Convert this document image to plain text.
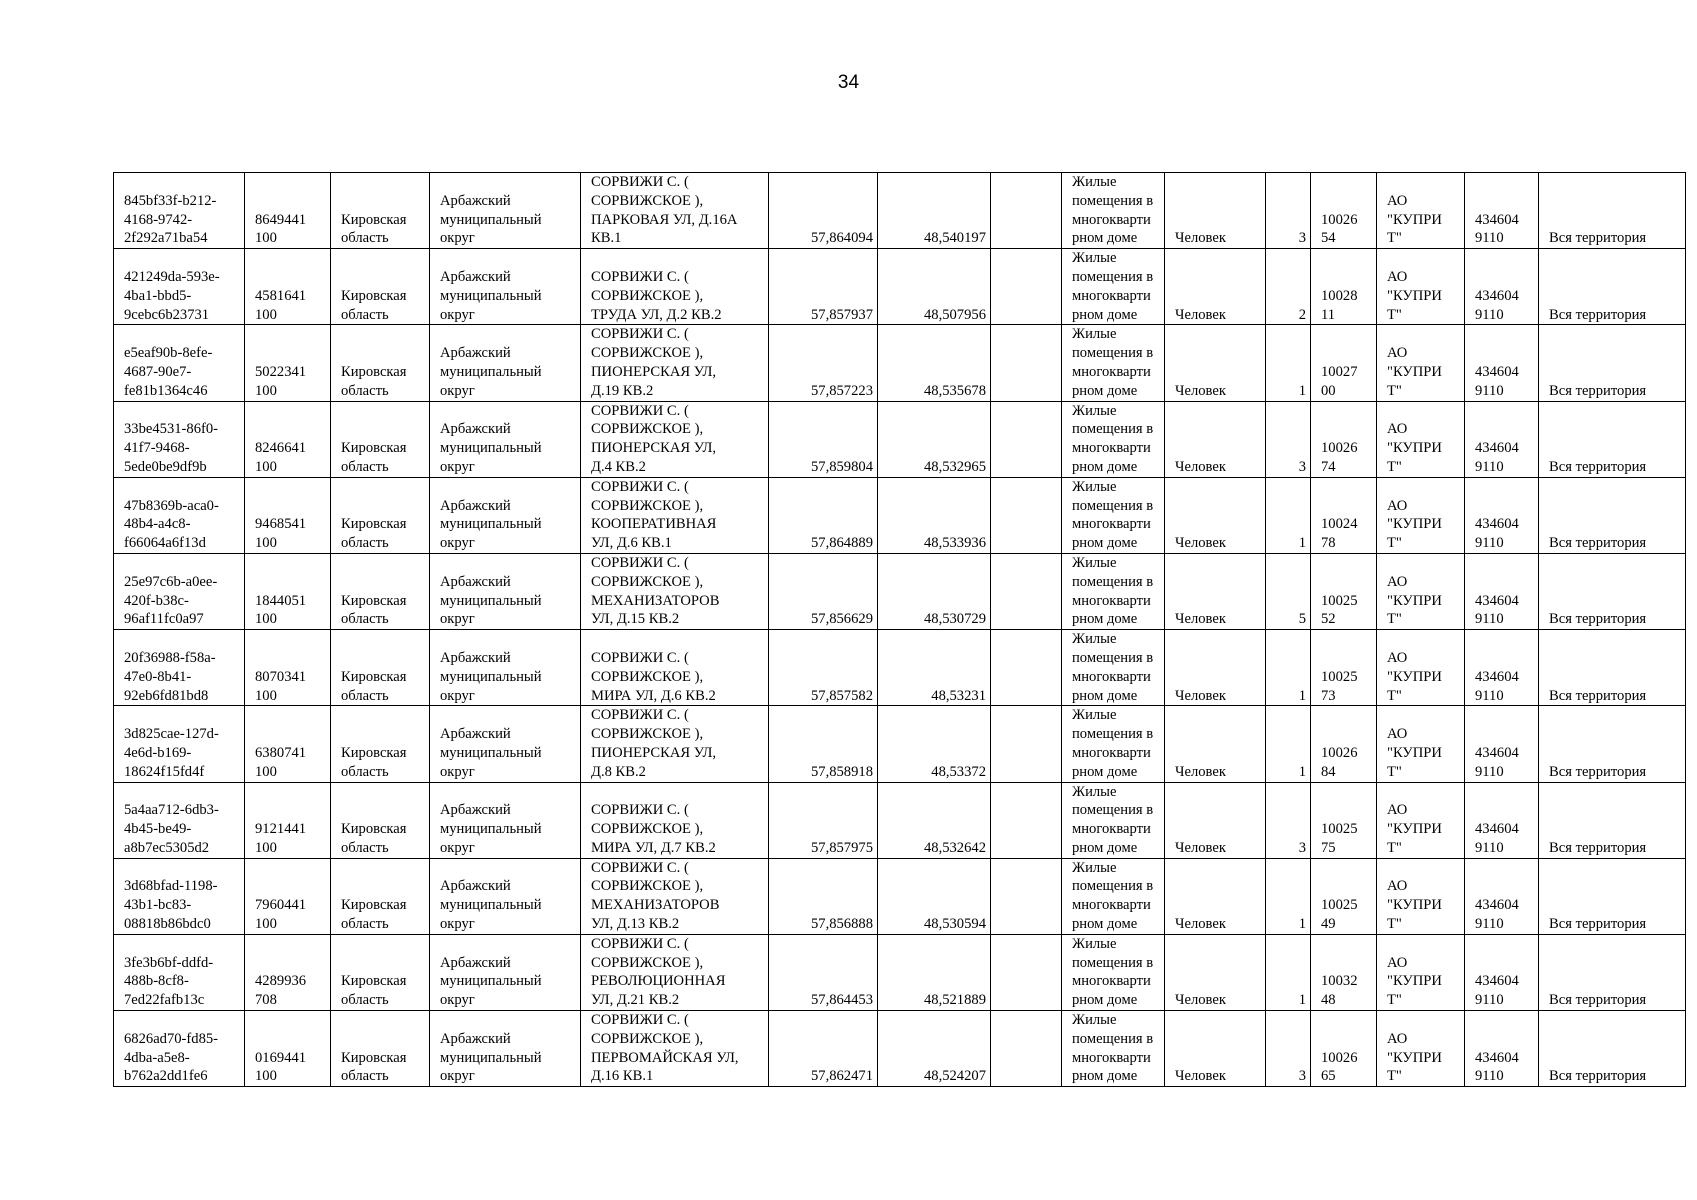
34
845bf33f-b212-
4168-9742-
2f292a71ba54	8649441
100	Кировская
область	Арбажский
муниципальный
округ	СОРВИЖИ С. (
СОРВИЖСКОЕ ),
ПАРКОВАЯ УЛ, Д.16А
КВ.1	57,864094	48,540197		Жилые
помещения в
многокварти
рном доме	Человек	3	10026
54	АО
"КУПРИ
Т"	434604
9110	Вся территория
421249da-593e-
4ba1-bbd5-
9cebc6b23731	4581641
100	Кировская
область	Арбажский
муниципальный
округ	СОРВИЖИ С. (
СОРВИЖСКОЕ ),
ТРУДА УЛ, Д.2 КВ.2	57,857937	48,507956		Жилые
помещения в
многокварти
рном доме	Человек	2	10028
11	АО
"КУПРИ
Т"	434604
9110	Вся территория
e5eaf90b-8efe-
4687-90e7-
fe81b1364c46	5022341
100	Кировская
область	Арбажский
муниципальный
округ	СОРВИЖИ С. (
СОРВИЖСКОЕ ),
ПИОНЕРСКАЯ УЛ,
Д.19 КВ.2	57,857223	48,535678		Жилые
помещения в
многокварти
рном доме	Человек	1	10027
00	АО
"КУПРИ
Т"	434604
9110	Вся территория
33be4531-86f0-
41f7-9468-
5ede0be9df9b	8246641
100	Кировская
область	Арбажский
муниципальный
округ	СОРВИЖИ С. (
СОРВИЖСКОЕ ),
ПИОНЕРСКАЯ УЛ,
Д.4 КВ.2	57,859804	48,532965		Жилые
помещения в
многокварти
рном доме	Человек	3	10026
74	АО
"КУПРИ
Т"	434604
9110	Вся территория
47b8369b-aca0-
48b4-a4c8-
f66064a6f13d	9468541
100	Кировская
область	Арбажский
муниципальный
округ	СОРВИЖИ С. (
СОРВИЖСКОЕ ),
КООПЕРАТИВНАЯ
УЛ, Д.6 КВ.1	57,864889	48,533936		Жилые
помещения в
многокварти
рном доме	Человек	1	10024
78	АО
"КУПРИ
Т"	434604
9110	Вся территория
25e97c6b-a0ee-
420f-b38c-
96af11fc0a97	1844051
100	Кировская
область	Арбажский
муниципальный
округ	СОРВИЖИ С. (
СОРВИЖСКОЕ ),
МЕХАНИЗАТОРОВ
УЛ, Д.15 КВ.2	57,856629	48,530729		Жилые
помещения в
многокварти
рном доме	Человек	5	10025
52	АО
"КУПРИ
Т"	434604
9110	Вся территория
20f36988-f58a-
47e0-8b41-
92eb6fd81bd8	8070341
100	Кировская
область	Арбажский
муниципальный
округ	СОРВИЖИ С. (
СОРВИЖСКОЕ ),
МИРА УЛ, Д.6 КВ.2	57,857582	48,53231		Жилые
помещения в
многокварти
рном доме	Человек	1	10025
73	АО
"КУПРИ
Т"	434604
9110	Вся территория
3d825cae-127d-
4e6d-b169-
18624f15fd4f	6380741
100	Кировская
область	Арбажский
муниципальный
округ	СОРВИЖИ С. (
СОРВИЖСКОЕ ),
ПИОНЕРСКАЯ УЛ,
Д.8 КВ.2	57,858918	48,53372		Жилые
помещения в
многокварти
рном доме	Человек	1	10026
84	АО
"КУПРИ
Т"	434604
9110	Вся территория
5a4aa712-6db3-
4b45-be49-
a8b7ec5305d2	9121441
100	Кировская
область	Арбажский
муниципальный
округ	СОРВИЖИ С. (
СОРВИЖСКОЕ ),
МИРА УЛ, Д.7 КВ.2	57,857975	48,532642		Жилые
помещения в
многокварти
рном доме	Человек	3	10025
75	АО
"КУПРИ
Т"	434604
9110	Вся территория
3d68bfad-1198-
43b1-bc83-
08818b86bdc0	7960441
100	Кировская
область	Арбажский
муниципальный
округ	СОРВИЖИ С. (
СОРВИЖСКОЕ ),
МЕХАНИЗАТОРОВ
УЛ, Д.13 КВ.2	57,856888	48,530594		Жилые
помещения в
многокварти
рном доме	Человек	1	10025
49	АО
"КУПРИ
Т"	434604
9110	Вся территория
3fe3b6bf-ddfd-
488b-8cf8-
7ed22fafb13c	4289936
708	Кировская
область	Арбажский
муниципальный
округ	СОРВИЖИ С. (
СОРВИЖСКОЕ ),
РЕВОЛЮЦИОННАЯ
УЛ, Д.21 КВ.2	57,864453	48,521889		Жилые
помещения в
многокварти
рном доме	Человек	1	10032
48	АО
"КУПРИ
Т"	434604
9110	Вся территория
6826ad70-fd85-
4dba-a5e8-
b762a2dd1fe6	0169441
100	Кировская
область	Арбажский
муниципальный
округ	СОРВИЖИ С. (
СОРВИЖСКОЕ ),
ПЕРВОМАЙСКАЯ УЛ,
Д.16 КВ.1	57,862471	48,524207		Жилые
помещения в
многокварти
рном доме	Человек	3	10026
65	АО
"КУПРИ
Т"	434604
9110	Вся территория
